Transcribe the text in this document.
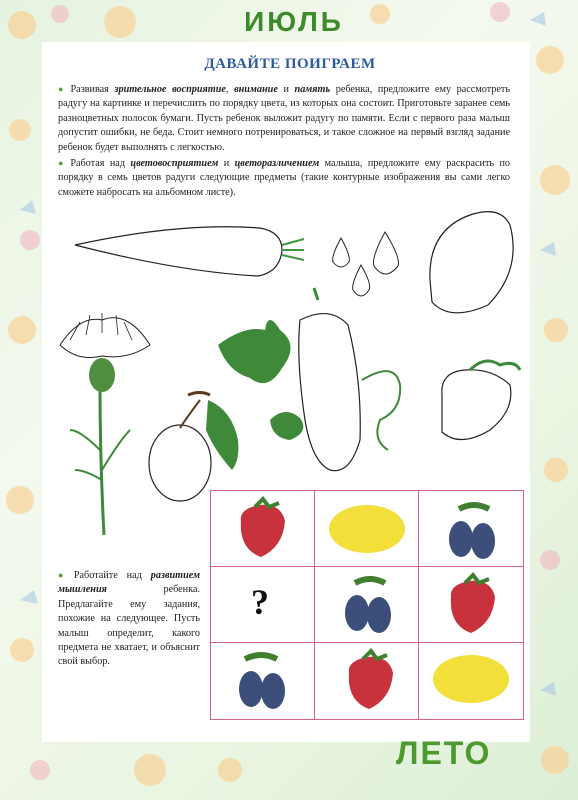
ИЮЛЬ
ДАВАЙТЕ ПОИГРАЕМ
● Развивая зрительное восприятие, внимание и память ребенка, предложите ему рассмотреть радугу на картинке и перечислить по порядку цвета, из которых она состоит. Приготовьте заранее семь разноцветных полосок бумаги. Пусть ребенок выложит радугу по памяти. Если с первого раза малыш допустит ошибки, не беда. Стоит немного потренироваться, и такое сложное на первый взгляд задание ребенок будет выполнять с легкостью.
● Работая над цветовосприятием и цветоразличением малыша, предложите ему раскрасить по порядку в семь цветов радуги следующие предметы (такие контурные изображения вы сами легко сможете набросать на альбомном листе).
?
● Работайте над развитием мышления ребенка. Предлагайте ему задания, похожие на следующее. Пусть малыш определит, какого предмета не хватает, и объяснит свой выбор.
ЛЕТО
